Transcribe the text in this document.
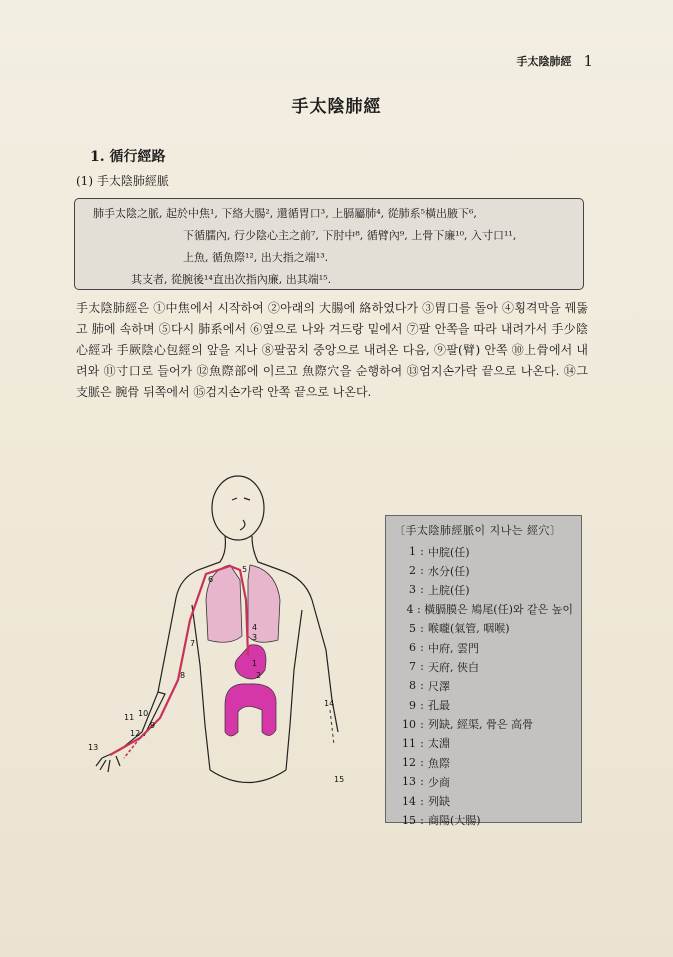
手太陰肺經 1
手太陰肺經
1. 循行經路
(1) 手太陰肺經脈
肺手太陰之脈, 起於中焦¹, 下絡大腸², 還循胃口³, 上膈屬肺⁴, 從肺系⁵橫出腋下⁶,
下循臑內, 行少陰心主之前⁷, 下肘中⁸, 循臂內⁹, 上骨下廉¹⁰, 入寸口¹¹,
上魚, 循魚際¹², 出大指之端¹³.
其支者, 從腕後¹⁴直出次指內廉, 出其端¹⁵.
手太陰肺經은 ①中焦에서 시작하여 ②아래의 大腸에 絡하였다가 ③胃口를 돌아 ④횡격막을 꿰뚫고 肺에 속하며 ⑤다시 肺系에서 ⑥옆으로 나와 겨드랑 밑에서 ⑦팔 안쪽을 따라 내려가서 手少陰心經과 手厥陰心包經의 앞을 지나 ⑧팔꿈치 중앙으로 내려온 다음, ⑨팔(臂) 안쪽 ⑩上骨에서 내려와 ⑪寸口로 들어가 ⑫魚際部에 이르고 魚際穴을 순행하여 ⑬엄지손가락 끝으로 나온다. ⑭그 支脈은 腕骨 뒤쪽에서 ⑮검지손가락 안쪽 끝으로 나온다.
1
2
3
4
5
6
7
8
9
10
11
12
13
14
15
〔手太陰肺經脈이 지나는 經穴〕
1 : 中脘(任)
2 : 水分(任)
3 : 上脘(任)
4 : 橫膈膜은 鳩尾(任)와 같은 높이
5 : 喉嚨(氣管, 咽喉)
6 : 中府, 雲門
7 : 天府, 俠白
8 : 尺澤
9 : 孔最
10 : 列缺, 經渠, 骨은 高骨
11 : 太淵
12 : 魚際
13 : 少商
14 : 列缺
15 : 商陽(大腸)
